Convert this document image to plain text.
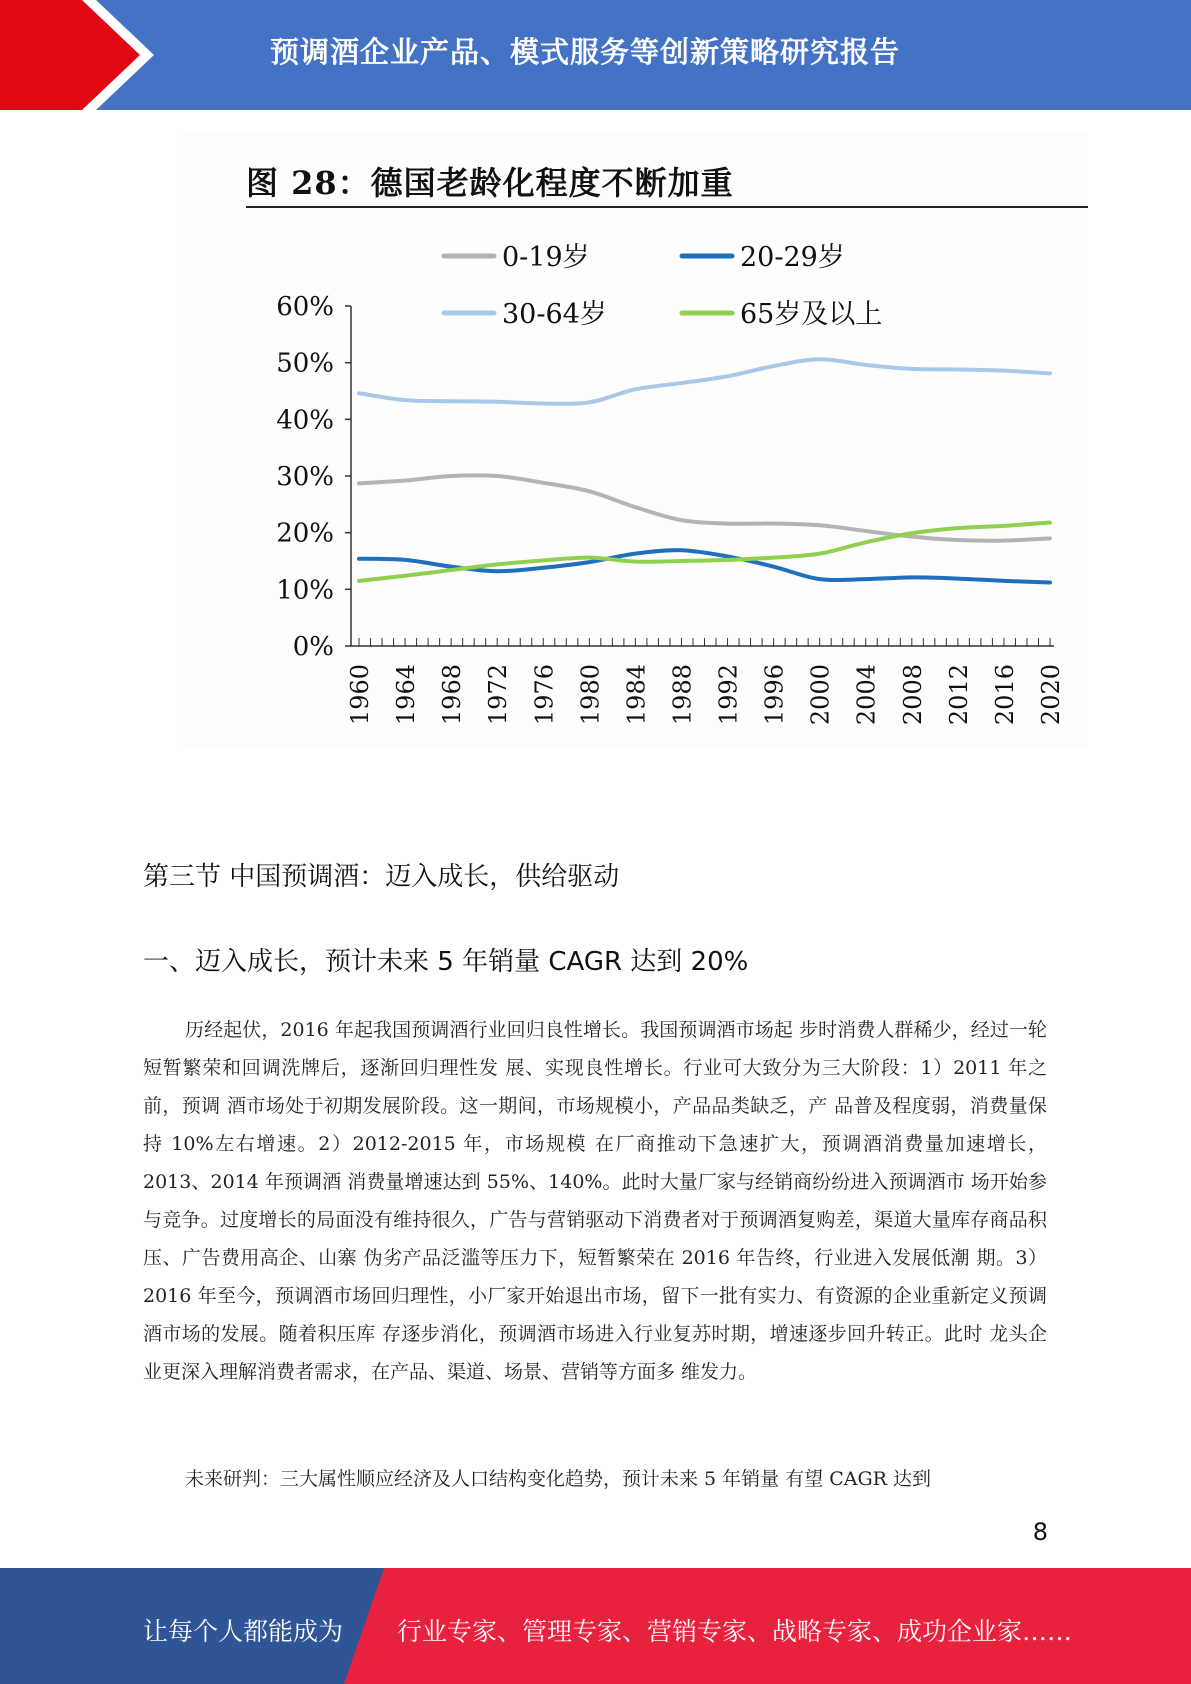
预调酒企业产品、模式服务等创新策略研究报告
图 28：德国老龄化程度不断加重
0-19岁	20-29岁
30-64岁	65岁及以上
0%
10%
20%
30%
40%
50%
60%
1960 1964 1968 1972 1976 1980 1984 1988 1992 1996 2000 2004 2008 2012 2016 2020
第三节 中国预调酒：迈入成长，供给驱动
一、迈入成长，预计未来 5 年销量 CAGR 达到 20%

历经起伏，2016 年起我国预调酒行业回归良性增长。我国预调酒市场起 步时消费人群稀少，经过一轮短暂繁荣和回调洗牌后，逐渐回归理性发 展、实现良性增长。行业可大致分为三大阶段：1）2011 年之前，预调 酒市场处于初期发展阶段。这一期间，市场规模小，产品品类缺乏，产 品普及程度弱，消费量保持 10%左右增速。2）2012-2015 年，市场规模 在厂商推动下急速扩大，预调酒消费量加速增长，2013、2014 年预调酒 消费量增速达到 55%、140%。此时大量厂家与经销商纷纷进入预调酒市 场开始参与竞争。过度增长的局面没有维持很久，广告与营销驱动下消费者对于预调酒复购差，渠道大量库存商品积压、广告费用高企、山寨 伪劣产品泛滥等压力下，短暂繁荣在 2016 年告终，行业进入发展低潮 期。3）2016 年至今，预调酒市场回归理性，小厂家开始退出市场，留下一批有实力、有资源的企业重新定义预调酒市场的发展。随着积压库 存逐步消化，预调酒市场进入行业复苏时期，增速逐步回升转正。此时 龙头企业更深入理解消费者需求，在产品、渠道、场景、营销等方面多 维发力。

未来研判：三大属性顺应经济及人口结构变化趋势，预计未来 5 年销量 有望 CAGR 达到

8
让每个人都能成为 行业专家、管理专家、营销专家、战略专家、成功企业家……
